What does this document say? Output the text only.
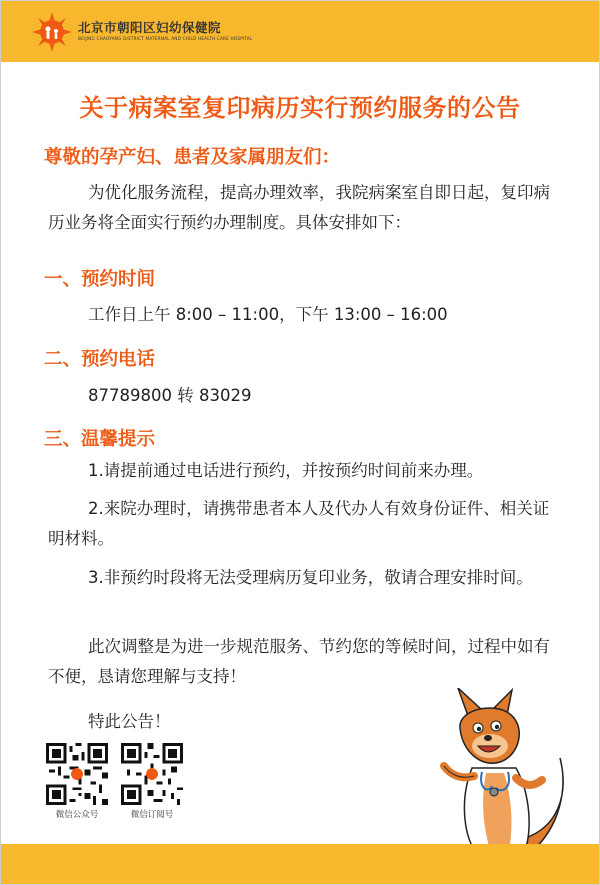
北京市朝阳区妇幼保健院
BEIJING CHAOYANG DISTRICT MATERNAL AND CHILD HEALTH CARE HOSPITAL
关于病案室复印病历实行预约服务的公告
尊敬的孕产妇、患者及家属朋友们：
为优化服务流程，提高办理效率，我院病案室自即日起，复印病历业务将全面实行预约办理制度。具体安排如下：
一、预约时间
工作日上午 8:00 – 11:00，下午 13:00 – 16:00
二、预约电话
87789800 转 83029
三、温馨提示
1.请提前通过电话进行预约，并按预约时间前来办理。
2.来院办理时，请携带患者本人及代办人有效身份证件、相关证明材料。
3.非预约时段将无法受理病历复印业务，敬请合理安排时间。
此次调整是为进一步规范服务、节约您的等候时间，过程中如有不便，恳请您理解与支持！
特此公告！
微信公众号	微信订阅号
